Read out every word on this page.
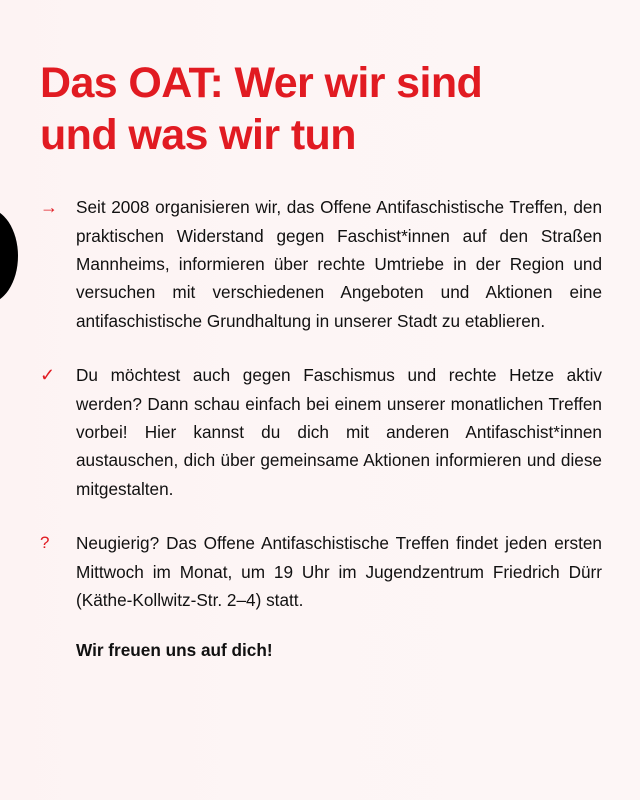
Das OAT: Wer wir sind
und was wir tun
→	Seit 2008 organisieren wir, das Offene Antifaschistische Treffen, den praktischen Widerstand gegen Faschist*innen auf den Straßen Mannheims, informieren über rechte Umtriebe in der Region und versuchen mit verschiedenen Angeboten und Aktionen eine antifaschistische Grundhaltung in unserer Stadt zu etablieren.

✓	Du möchtest auch gegen Faschismus und rechte Hetze aktiv werden? Dann schau einfach bei einem unserer monatlichen Treffen vorbei! Hier kannst du dich mit anderen Antifaschist*innen austauschen, dich über gemeinsame Aktionen informieren und diese mitgestalten.

?	Neugierig? Das Offene Antifaschistische Treffen findet jeden ersten Mittwoch im Monat, um 19 Uhr im Jugendzentrum Friedrich Dürr (Käthe-Kollwitz-Str. 2–4) statt.

Wir freuen uns auf dich!
